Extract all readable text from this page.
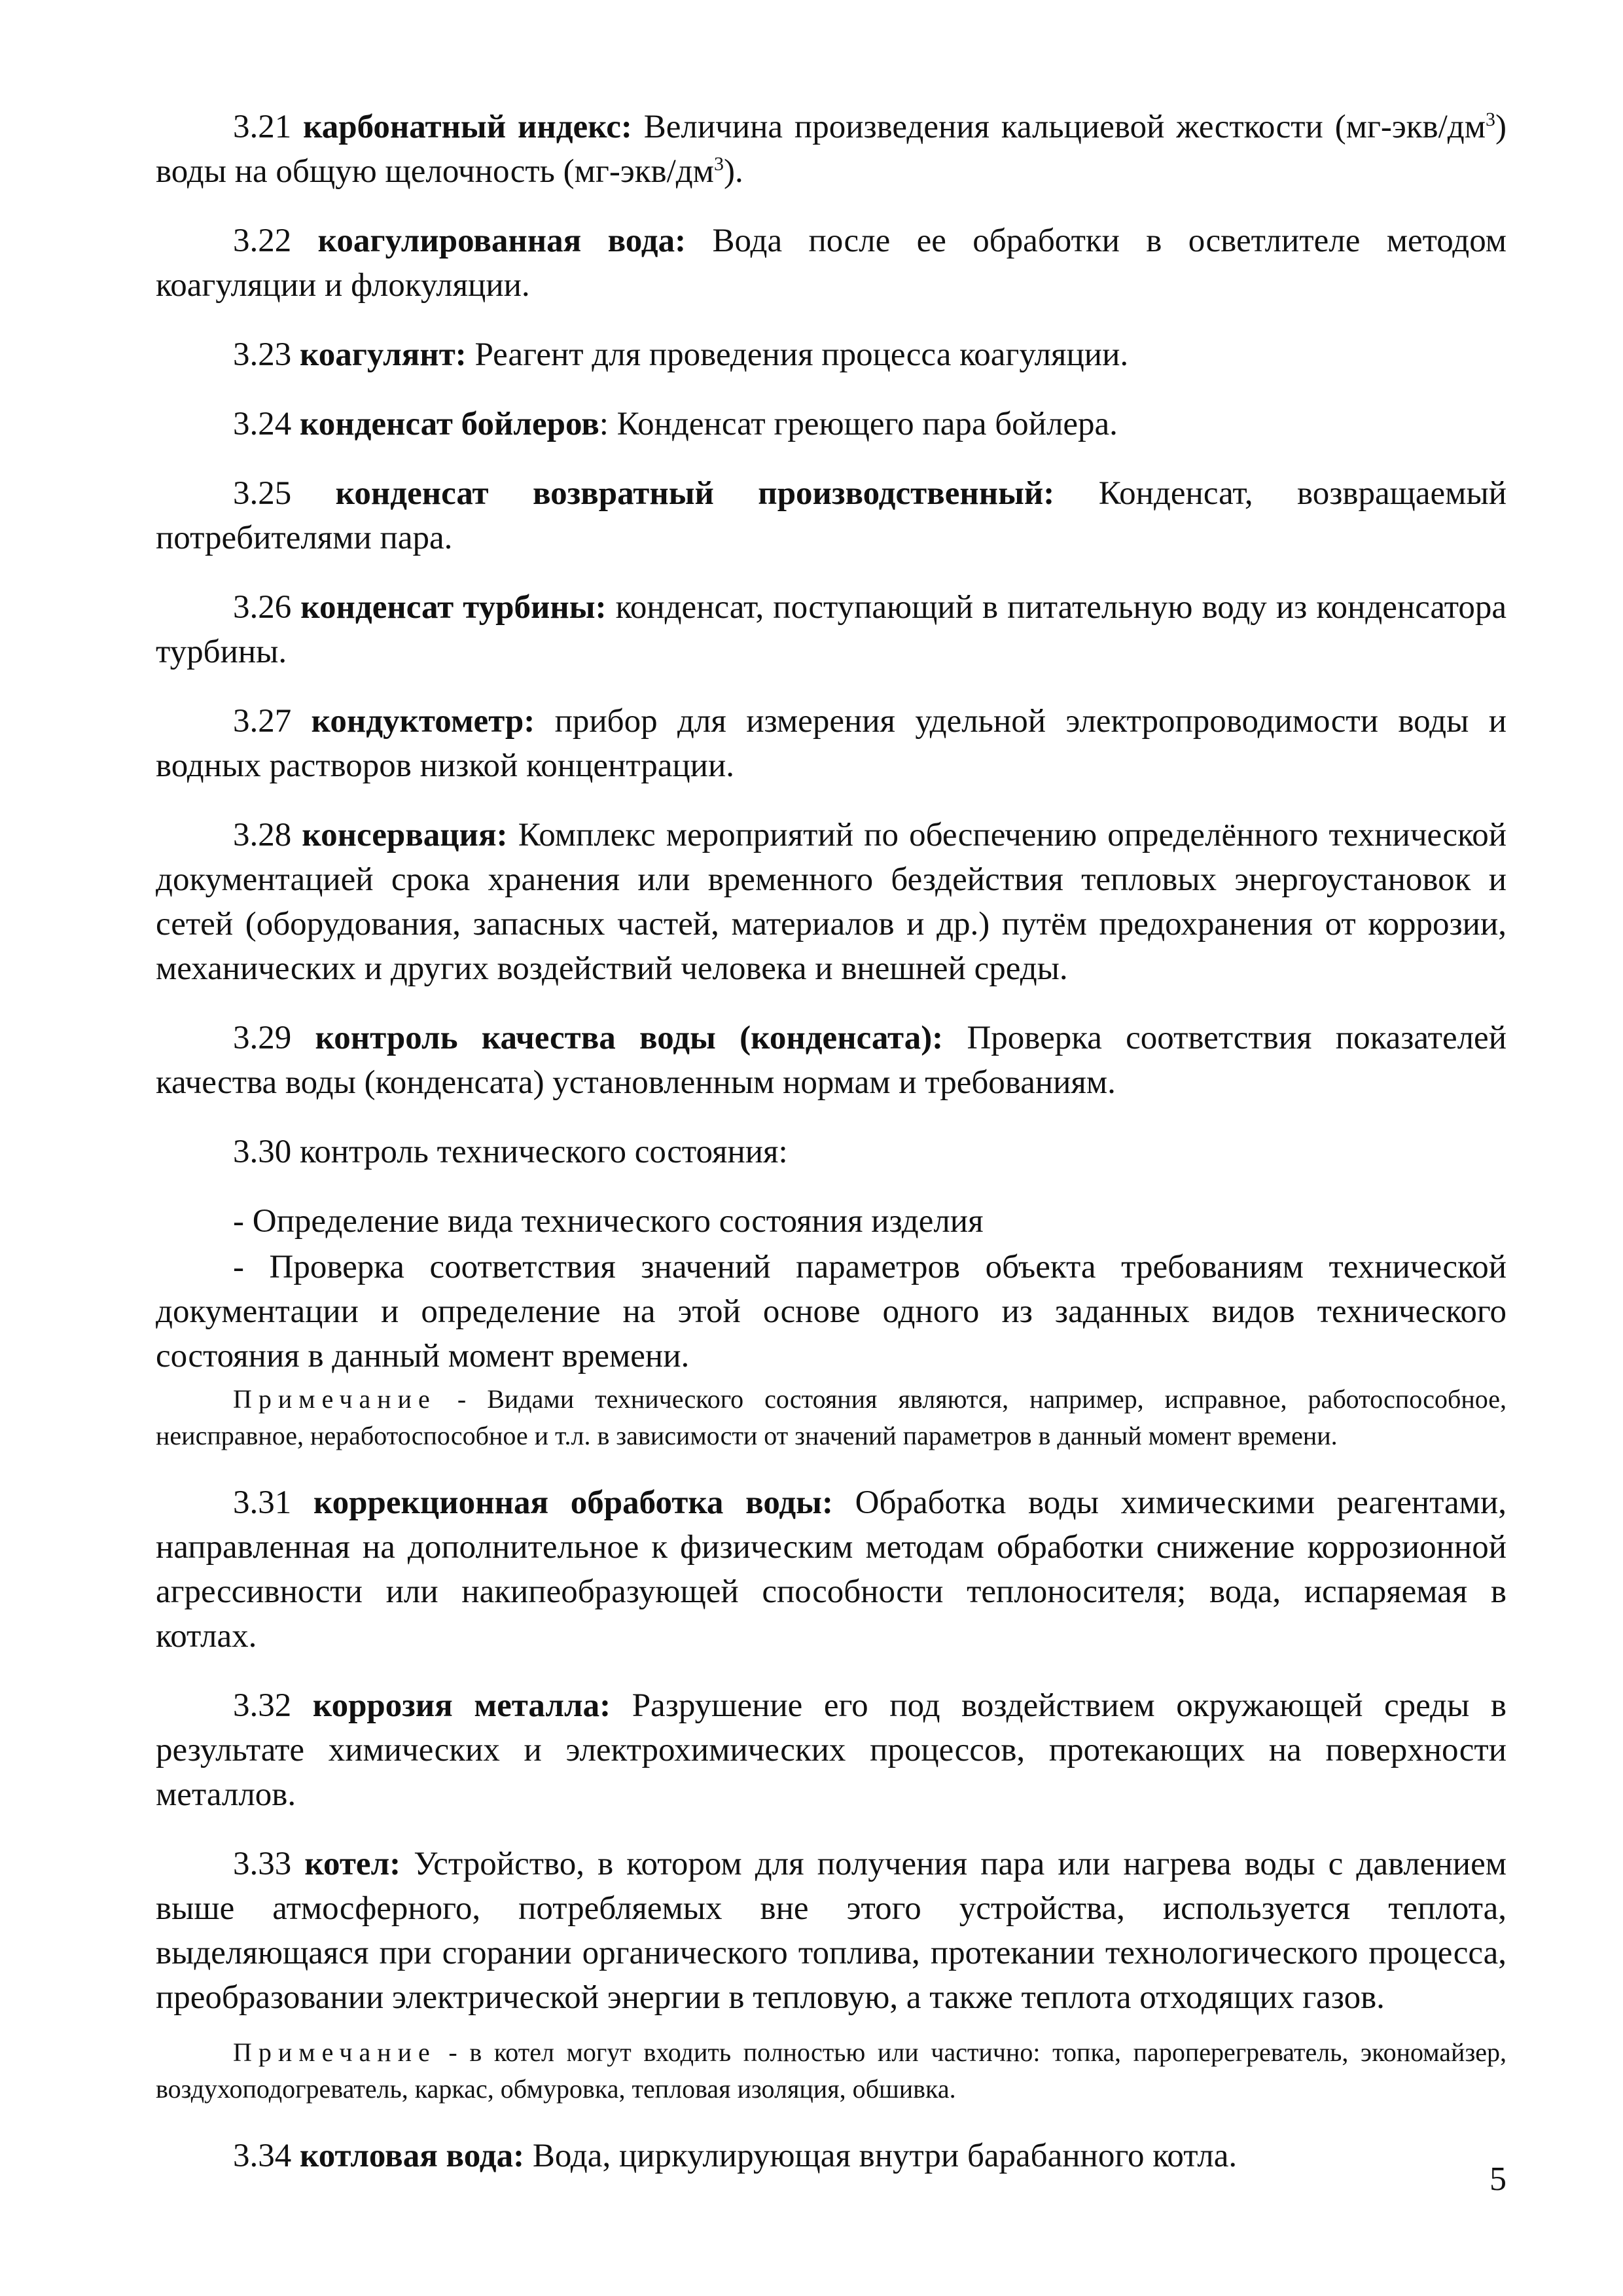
3.21 карбонатный индекс: Величина произведения кальциевой жесткости $(мг-экв/дм^3)$ воды на общую щелочность $(мг-экв/дм^3)$.

3.22 коагулированная вода: Вода после ее обработки в осветлителе методом коагуляции и флокуляции.

3.23 коагулянт: Реагент для проведения процесса коагуляции.

3.24 конденсат бойлеров: Конденсат греющего пара бойлера.

3.25 конденсат возвратный производственный: Конденсат, возвращаемый потребителями пара.

3.26 конденсат турбины: конденсат, поступающий в питательную воду из конденсатора турбины.

3.27 кондуктометр: прибор для измерения удельной электропроводимости воды и водных растворов низкой концентрации.

3.28 консервация: Комплекс мероприятий по обеспечению определённого технической документацией срока хранения или временного бездействия тепловых энергоустановок и сетей (оборудования, запасных частей, материалов и др.) путём предохранения от коррозии, механических и других воздействий человека и внешней среды.

3.29 контроль качества воды (конденсата): Проверка соответствия показателей качества воды (конденсата) установленным нормам и требованиям.

3.30 контроль технического состояния:

- Определение вида технического состояния изделия

- Проверка соответствия значений параметров объекта требованиям технической документации и определение на этой основе одного из заданных видов технического состояния в данный момент времени.

Примечание - Видами технического состояния являются, например, исправное, работоспособное, неисправное, неработоспособное и т.л. в зависимости от значений параметров в данный момент времени.

3.31 коррекционная обработка воды: Обработка воды химическими реагентами, направленная на дополнительное к физическим методам обработки снижение коррозионной агрессивности или накипеобразующей способности теплоносителя; вода, испаряемая в котлах.

3.32 коррозия металла: Разрушение его под воздействием окружающей среды в результате химических и электрохимических процессов, протекающих на поверхности металлов.

3.33 котел: Устройство, в котором для получения пара или нагрева воды с давлением выше атмосферного, потребляемых вне этого устройства, используется теплота, выделяющаяся при сгорании органического топлива, протекании технологического процесса, преобразовании электрической энергии в тепловую, а также теплота отходящих газов.

Примечание - в котел могут входить полностью или частично: топка, пароперегреватель, экономайзер, воздухоподогреватель, каркас, обмуровка, тепловая изоляция, обшивка.

3.34 котловая вода: Вода, циркулирующая внутри барабанного котла.

5
